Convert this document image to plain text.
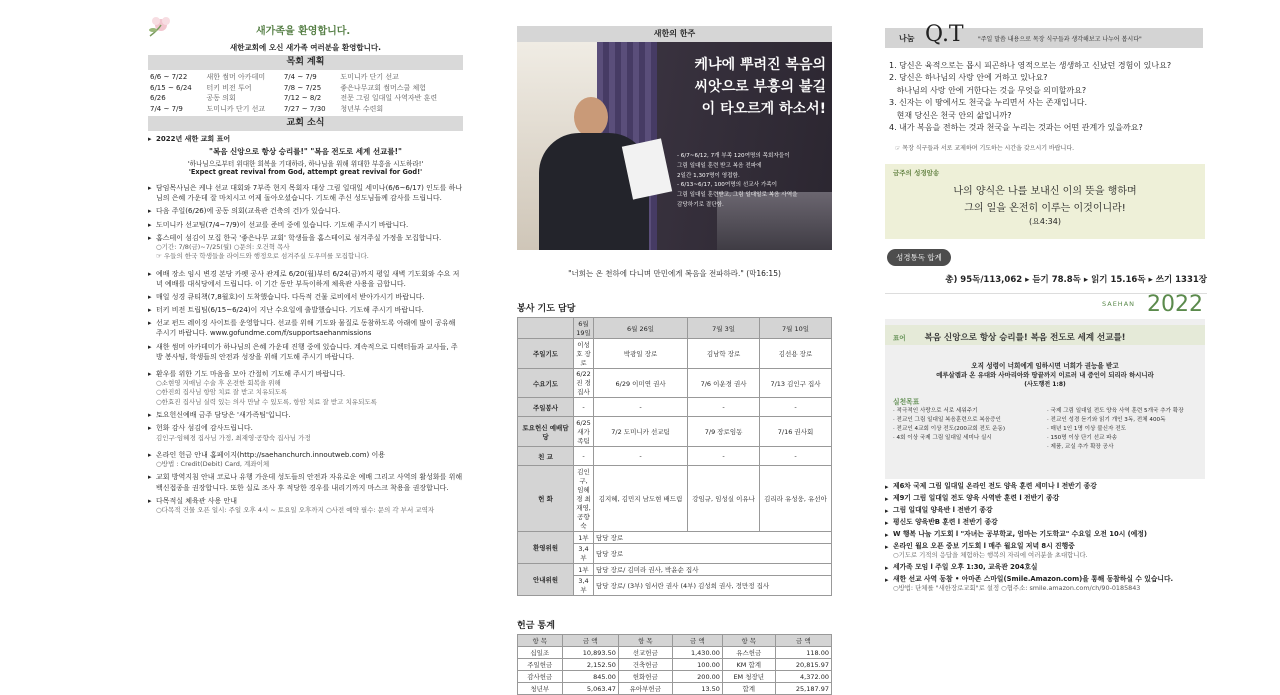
새가족을 환영합니다.
새한교회에 오신 새가족 여러분을 환영합니다.
목회 계획
6/6 ~ 7/22	새한 썸머 아카데미	7/4 ~ 7/9	도미니카 단기 선교
6/15 ~ 6/24	터키 비전 투어	7/8 ~ 7/25	좋은나무교회 썸머스쿨 체험
6/26	공동 의회	7/12 ~ 8/2	전문 그림 일대일 사역자반 훈련
7/4 ~ 7/9	도미니카 단기 선교	7/27 ~ 7/30	청년부 수련회
교회 소식
▸ 2022년 새한 교회 표어
"복음 신앙으로 항상 승리를!" "복음 전도로 세계 선교를!"
'하나님으로부터 위대한 회복을 기대하라, 하나님을 위해 위대한 부흥을 시도하라!'
'Expect great revival from God, attempt great revival for God!'
▸ 담임목사님은 케냐 선교 대회와 7부족 현지 목회자 대상 그림 일대일 세미나(6/6~6/17) 인도를 하나님의 은혜 가운데 잘 마치시고 어제 돌아오셨습니다. 기도해 주신 성도님들께 감사를 드립니다.
▸ 다음 주일(6/26)에 공동 의회(교육관 건축의 건)가 있습니다.
▸ 도미니카 선교팀(7/4~7/9)이 선교를 준비 중에 있습니다. 기도해 주시기 바랍니다.
▸ 홈스테이 섬김이 모집 한국 '좋은나무 교회' 학생들을 홈스테이로 섬겨주실 가정을 모집합니다.
○기간: 7/8(금)~7/25(월) ○문의: 오건혁 목사
☞ 우들의 한국 학생들을 라이드와 행정으로 섬겨주실 도우미를 모집합니다.
▸ 예배 장소 임시 변경 본당 카펫 공사 관계로 6/20(월)부터 6/24(금)까지 평일 새벽 기도회와 수요 저녁 예배를 대식당에서 드립니다. 이 기간 동안 부득이하게 체육관 사용을 금합니다.
▸ 매일 성경 큐티책(7,8월호)이 도착했습니다. 다독적 건물 로비에서 받아가시기 바랍니다.
▸ 터키 비전 트립팀(6/15~6/24)이 지난 수요일에 출발했습니다. 기도해 주시기 바랍니다.
▸ 선교 펀드 레이징 사이트를 운영합니다. 선교를 위해 기도와 물질로 동참하도록 아래에 많이 공유해 주시기 바랍니다. www.gofundme.com/f/supportsaehanmissions
▸ 새한 썸머 아카데미가 하나님의 은혜 가운데 진행 중에 있습니다. 계속적으로 디렉터들과 교사들, 주방 봉사팀, 학생들의 안전과 성장을 위해 기도해 주시기 바랍니다.
▸ 환우를 위한 기도 마음을 모아 간절히 기도해 주시기 바랍니다.
○소현영 지매님 수술 후 온전한 회복을 위해
○한진희 집사님 항암 치료 잘 받고 치유되도록
○한효진 집사님 실력 있는 의사 만날 수 있도록, 항암 치료 잘 받고 치유되도록
▸ 토요헌신예배 금주 담당은 '새가족팀'입니다.
▸ 헌화 감사 섬김에 감사드립니다.
김인구·임혜경 집사님 가정, 최재영·공향숙 집사님 가정
▸ 온라인 헌금 안내 홈페이지(http://saehanchurch.innoutweb.com) 이용
○방법 : Credit(Debit) Card, 계좌이체
▸ 교회 방역지침 안내 코로나 유행 가운데 성도들의 안전과 자유로운 예배 그리고 사역의 활성화를 위해 백신접종을 권장합니다. 또한 실로 조사 후 적당한 경우를 내리기까지 마스크 착용을 권장합니다.
▸ 다목적실 체육관 사용 안내
○다목적 건물 오픈 일시: 주일 오후 4시 ~ 토요일 오후까지 ○사전 예약 필수: 문의 각 부서 교역자
새한의 한주
케냐에 뿌려진 복음의
씨앗으로 부흥의 불길
이 타오르게 하소서!
- 6/7~6/12, 7개 부족 120여명의 목회자들이
그림 일대일 훈련 받고 복음 전파에
2일간 1,307명이 영접함.
- 6/13~6/17, 100여명의 선교사 가족이
그림 일대일 훈련받고, 그림 일대일로 복음 사역을
감당하기로 결단함.
"너희는 온 천하에 다니며 만민에게 복음을 전파하라." (막16:15)
봉사 기도 담당
	6월 19일	6월 26일	7월 3일	7월 10일
주일기도	이성호 장로	박광일 장로	김남학 장로	김선용 장로
수요기도	6/22 진 경 집사	6/29 이미연 권사	7/6 이운경 권사	7/13 김인구 집사
주일봉사	-	-	-	-
토요헌신 예배담당	6/25 새가족팀	7/2 도미니카 선교팀	7/9 장로임동	7/16 권사회
친 교	-	-	-	-
헌 화	김인구, 임혜경 최재영, 공향숙	김지혜, 김민지 남도현 배드림	강임규, 임성실 이유나	김리라 유성웅, 유선아
환영위원	1부	담당 장로		
	3,4부	담당 장로		
안내위원	1부	담당 장로/ 김미라 권사, 박윤순 집사		
	3,4부	담당 장로/ (3부) 임서란 권사 (4부) 김성희 권사, 정만정 집사		
헌금 통계
항 목	금 액	항 목	금 액	항 목	금 액
십일조	10,893.50	선교헌금	1,430.00	유스헌금	118.00
주일헌금	2,152.50	건축헌금	100.00	KM 합계	20,815.97
감사헌금	845.00	헌화헌금	200.00	EM 청장년	4,372.00
청년부	5,063.47	유아부헌금	13.50	합계	25,187.97
나눔 Q.T "주일 말씀 내용으로 목장 식구들과 생각해보고 나누어 봅시다"
1. 당신은 육적으로는 몹시 피곤하나 영적으로는 생생하고 신났던 경험이 있나요?
2. 당신은 하나님의 사랑 안에 거하고 있나요?
하나님의 사랑 안에 거한다는 것을 무엇을 의미할까요?
3. 신자는 이 땅에서도 천국을 누리면서 사는 존재입니다.
현재 당신은 천국 안의 삶입니까?
4. 내가 복음을 전하는 것과 천국을 누리는 것과는 어떤 관계가 있을까요?
☞ 목장 식구들과 서로 교제하며 기도하는 시간을 갖으시기 바랍니다.
금주의 성경암송
나의 양식은 나를 보내신 이의 뜻을 행하며
그의 일을 온전히 이루는 이것이니라!
(요4:34)
성경통독 합계
총) 95독/113,062 ▸ 듣기 78.8독 ▸ 읽기 15.16독 ▸ 쓰기 1331장
SAEHAN 2022
표어 복음 신앙으로 항상 승리를! 복음 전도로 세계 선교를!
오직 성령이 너희에게 임하시면 너희가 권능을 받고
예루살렘과 온 유대와 사마리아와 땅끝까지 이르러 내 증인이 되리라 하시니라
(사도행전 1:8)
실천목표
· 적극적인 사랑으로 서로 세워주기
· 전교인 그림 일대일 복음훈련으로 복음증인
· 전교인 4교회 이상 전도(200교회 전도 운동)
· 4회 이상 국제 그림 일대일 세미나 실시
· 국제 그림 일대일 전도 양육 사역 훈련 5개국 추가 확장
· 전교인 성경 듣기와 읽기 개인 3독, 전체 400독
· 매년 1인 1명 이상 불신자 전도
· 150명 이상 단기 선교 파송
· 제품, 교실 추가 확장 공사
▸ 제6차 국제 그림 일대일 온라인 전도 양육 훈련 세미나 l 전반기 종강
▸ 제9기 그림 일대일 전도 양육 사역반 훈련 l 전반기 종강
▸ 그림 일대일 양육반 l 전반기 종강
▸ 평신도 양육반B 훈련 l 전반기 종강
▸ W 행복 나눔 기도회 l "자녀는 공부학교, 엄마는 기도학교" 수요일 오전 10시 (예정)
▸ 온라인 월요 오픈 중보 기도회 l 매주 월요일 저녁 8시 진행중
○기도로 기적의 응답을 체험하는 행복의 자리에 여러분을 초대합니다.
▸ 세가족 모임 l 주일 오후 1:30, 교육관 204호실
▸ 새한 선교 사역 동참 • 아마존 스마일(Smile.Amazon.com)을 통해 동참하실 수 있습니다.
○방법: 단체를 "새한장로교회"로 설정 ○협주소: smile.amazon.com/ch/90-0185843
